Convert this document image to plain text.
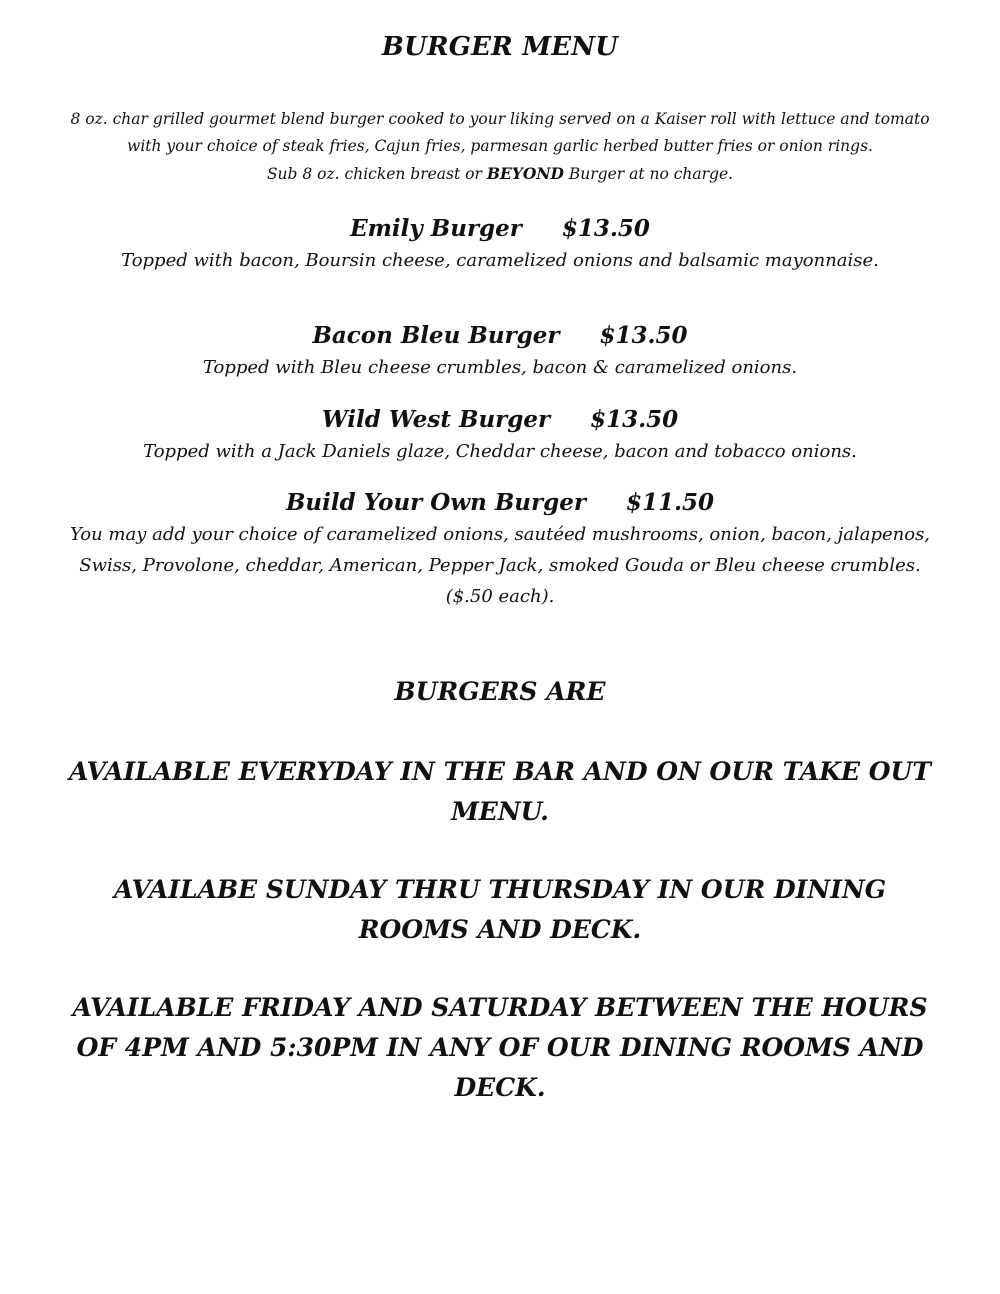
BURGER MENU
8 oz. char grilled gourmet blend burger cooked to your liking served on a Kaiser roll with lettuce and tomato
with your choice of steak fries, Cajun fries, parmesan garlic herbed butter fries or onion rings.
Sub 8 oz. chicken breast or BEYOND Burger at no charge.
Emily Burger $13.50
Topped with bacon, Boursin cheese, caramelized onions and balsamic mayonnaise.
Bacon Bleu Burger $13.50
Topped with Bleu cheese crumbles, bacon & caramelized onions.
Wild West Burger $13.50
Topped with a Jack Daniels glaze, Cheddar cheese, bacon and tobacco onions.
Build Your Own Burger $11.50
You may add your choice of caramelized onions, sautéed mushrooms, onion, bacon, jalapenos,
Swiss, Provolone, cheddar, American, Pepper Jack, smoked Gouda or Bleu cheese crumbles.
($.50 each).
BURGERS ARE
AVAILABLE EVERYDAY IN THE BAR AND ON OUR TAKE OUT
MENU.
AVAILABE SUNDAY THRU THURSDAY IN OUR DINING
ROOMS AND DECK.
AVAILABLE FRIDAY AND SATURDAY BETWEEN THE HOURS
OF 4PM AND 5:30PM IN ANY OF OUR DINING ROOMS AND
DECK.
